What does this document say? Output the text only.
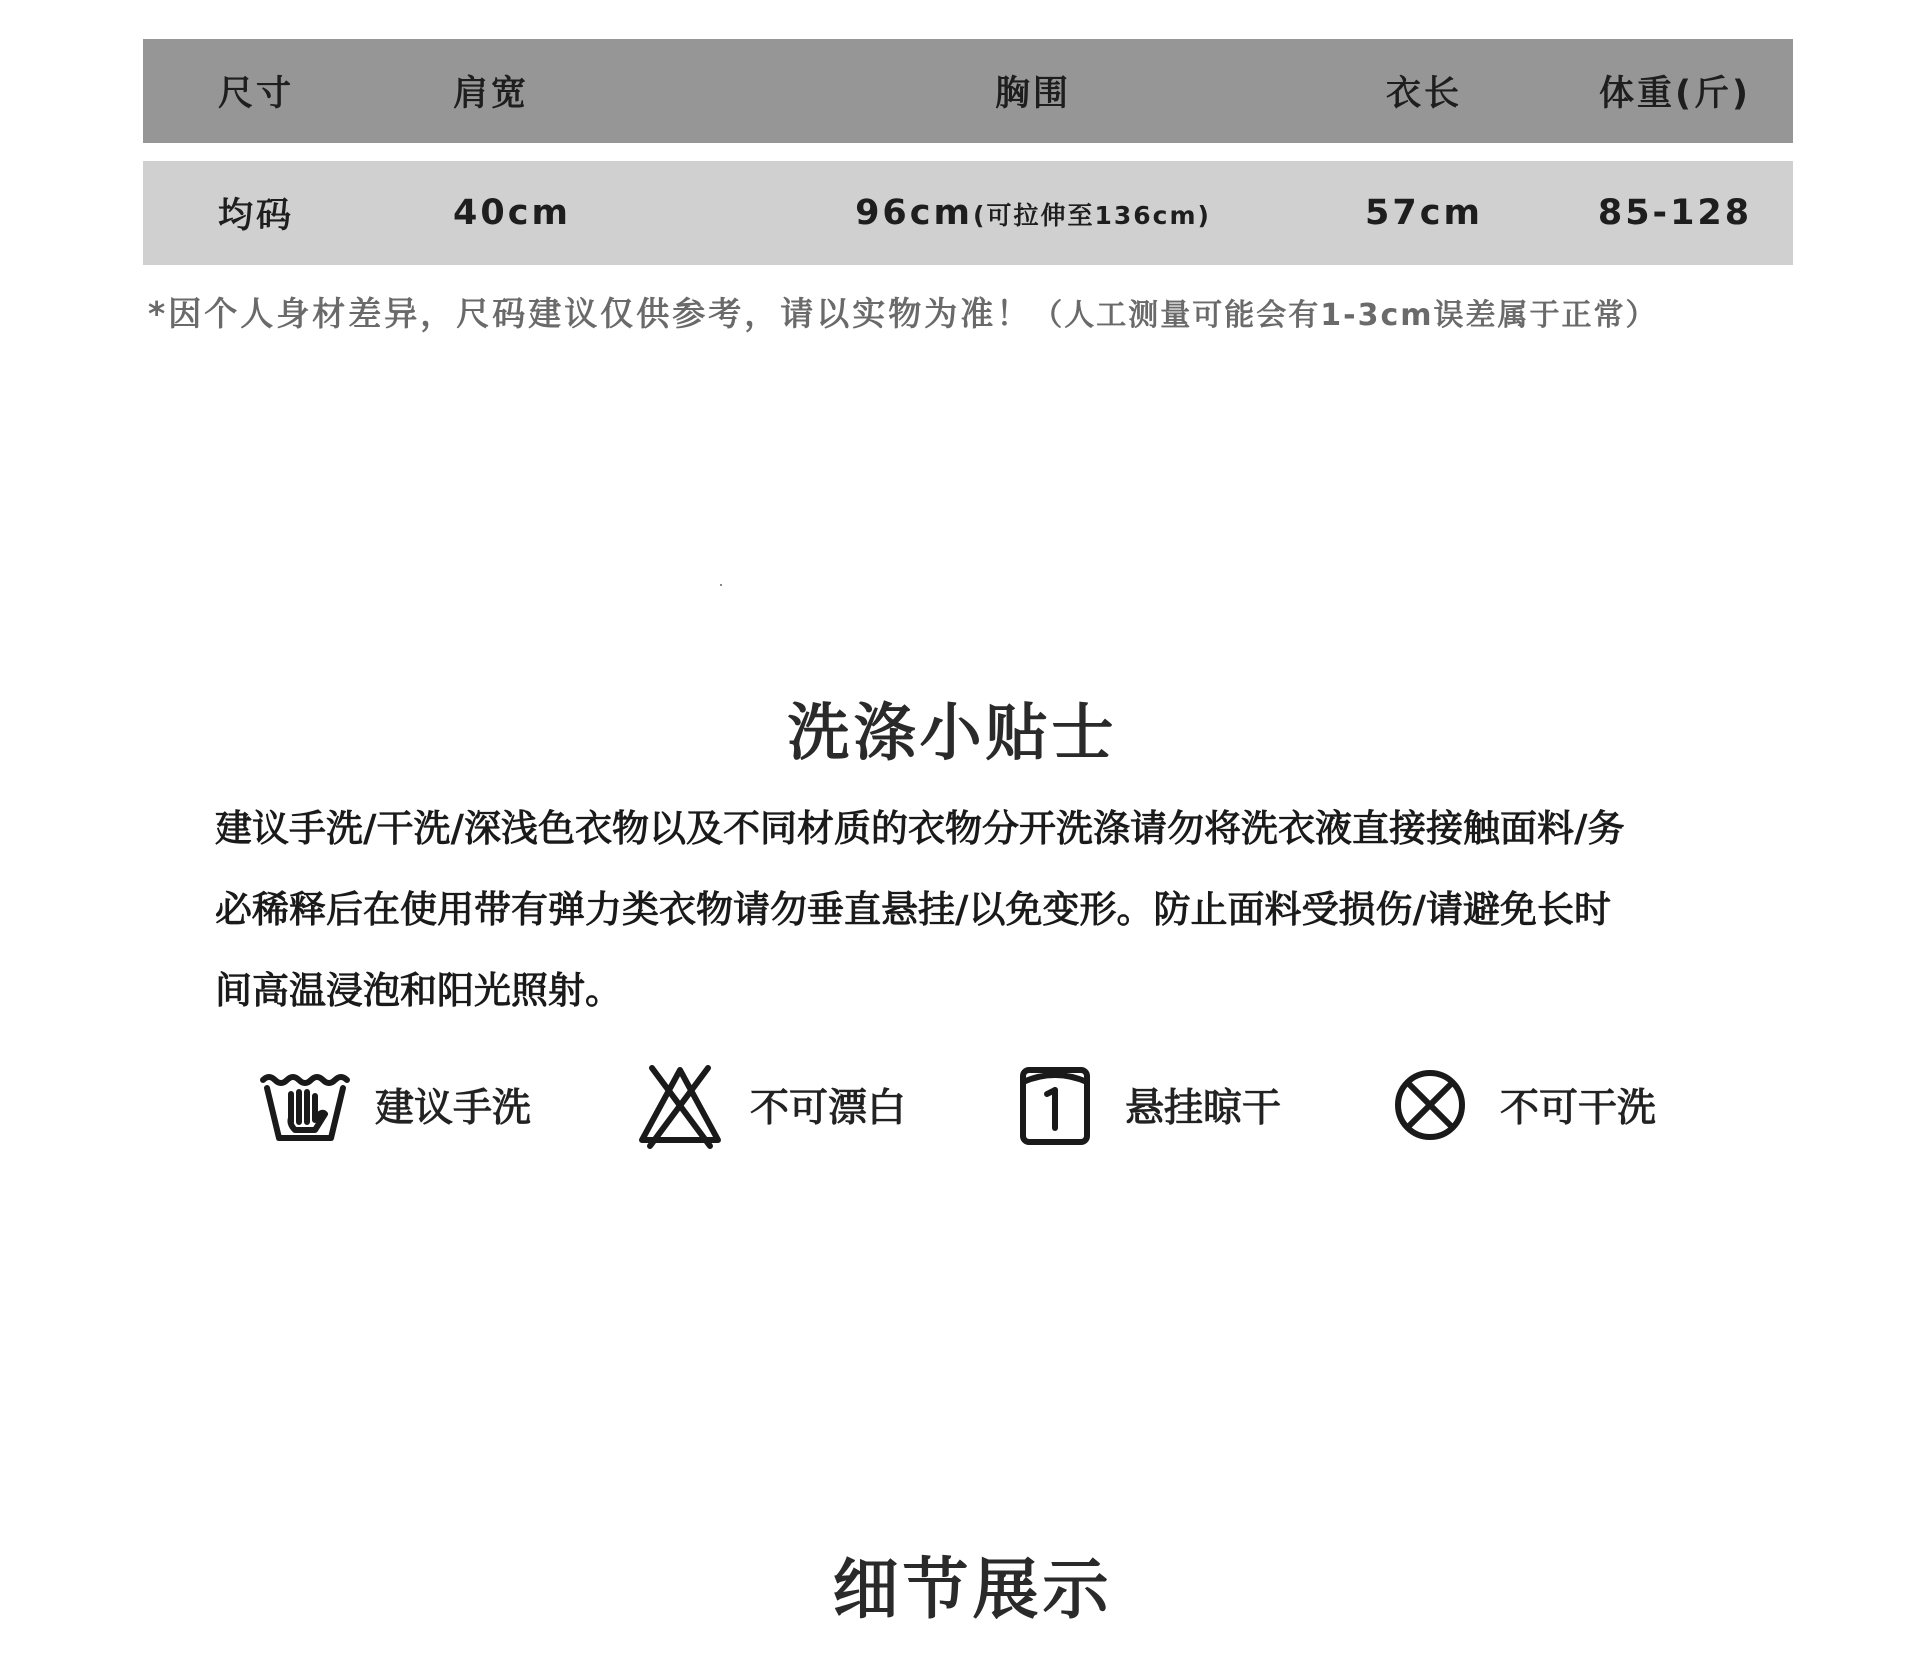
尺寸	肩宽	胸围	衣长	体重(斤)
均码	40cm	96cm(可拉伸至136cm)	57cm	85-128
*因个人身材差异，尺码建议仅供参考，请以实物为准！（人工测量可能会有1-3cm误差属于正常）
洗涤小贴士
建议手洗/干洗/深浅色衣物以及不同材质的衣物分开洗涤请勿将洗衣液直接接触面料/务
必稀释后在使用带有弹力类衣物请勿垂直悬挂/以免变形。防止面料受损伤/请避免长时
间高温浸泡和阳光照射。
建议手洗	不可漂白	悬挂晾干	不可干洗
细节展示
